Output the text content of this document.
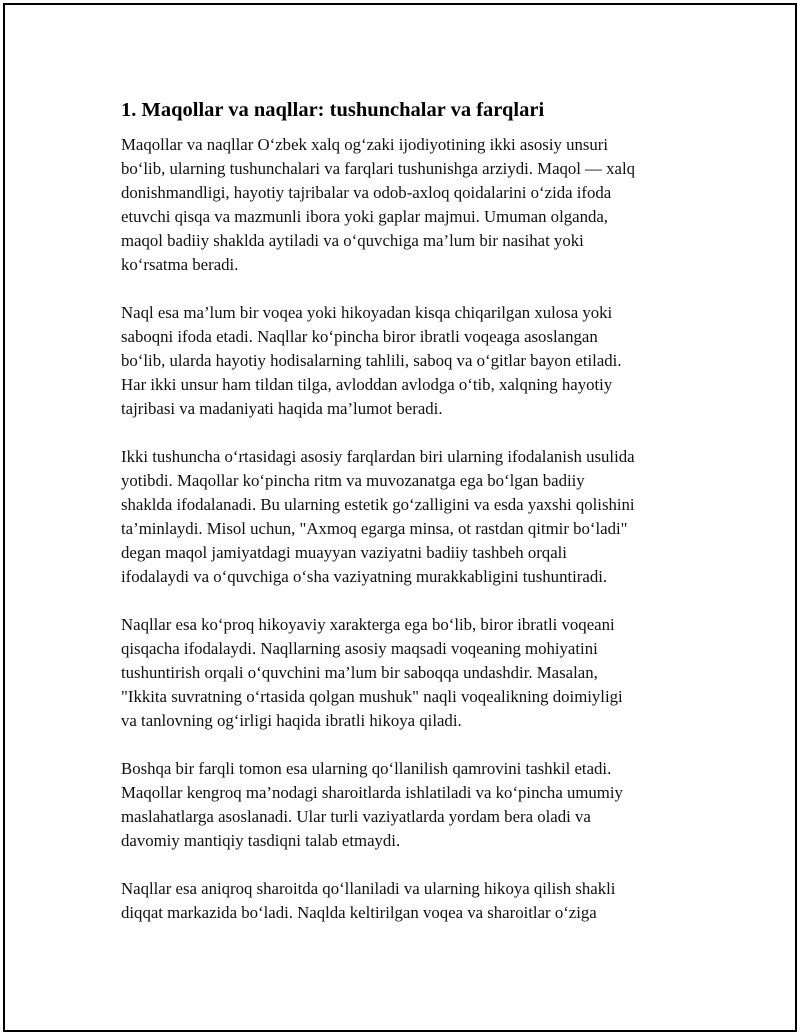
1. Maqollar va naqllar: tushunchalar va farqlari

Maqollar va naqllar O‘zbek xalq og‘zaki ijodiyotining ikki asosiy unsuri
bo‘lib, ularning tushunchalari va farqlari tushunishga arziydi. Maqol — xalq
donishmandligi, hayotiy tajribalar va odob-axloq qoidalarini o‘zida ifoda
etuvchi qisqa va mazmunli ibora yoki gaplar majmui. Umuman olganda,
maqol badiiy shaklda aytiladi va o‘quvchiga ma’lum bir nasihat yoki
ko‘rsatma beradi.

Naql esa ma’lum bir voqea yoki hikoyadan kisqa chiqarilgan xulosa yoki
saboqni ifoda etadi. Naqllar ko‘pincha biror ibratli voqeaga asoslangan
bo‘lib, ularda hayotiy hodisalarning tahlili, saboq va o‘gitlar bayon etiladi.
Har ikki unsur ham tildan tilga, avloddan avlodga o‘tib, xalqning hayotiy
tajribasi va madaniyati haqida ma’lumot beradi.

Ikki tushuncha o‘rtasidagi asosiy farqlardan biri ularning ifodalanish usulida
yotibdi. Maqollar ko‘pincha ritm va muvozanatga ega bo‘lgan badiiy
shaklda ifodalanadi. Bu ularning estetik go‘zalligini va esda yaxshi qolishini
ta’minlaydi. Misol uchun, "Axmoq egarga minsa, ot rastdan qitmir bo‘ladi"
degan maqol jamiyatdagi muayyan vaziyatni badiiy tashbeh orqali
ifodalaydi va o‘quvchiga o‘sha vaziyatning murakkabligini tushuntiradi.

Naqllar esa ko‘proq hikoyaviy xarakterga ega bo‘lib, biror ibratli voqeani
qisqacha ifodalaydi. Naqllarning asosiy maqsadi voqeaning mohiyatini
tushuntirish orqali o‘quvchini ma’lum bir saboqqa undashdir. Masalan,
"Ikkita suvratning o‘rtasida qolgan mushuk" naqli voqealikning doimiyligi
va tanlovning og‘irligi haqida ibratli hikoya qiladi.

Boshqa bir farqli tomon esa ularning qo‘llanilish qamrovini tashkil etadi.
Maqollar kengroq ma’nodagi sharoitlarda ishlatiladi va ko‘pincha umumiy
maslahatlarga asoslanadi. Ular turli vaziyatlarda yordam bera oladi va
davomiy mantiqiy tasdiqni talab etmaydi.

Naqllar esa aniqroq sharoitda qo‘llaniladi va ularning hikoya qilish shakli
diqqat markazida bo‘ladi. Naqlda keltirilgan voqea va sharoitlar o‘ziga
